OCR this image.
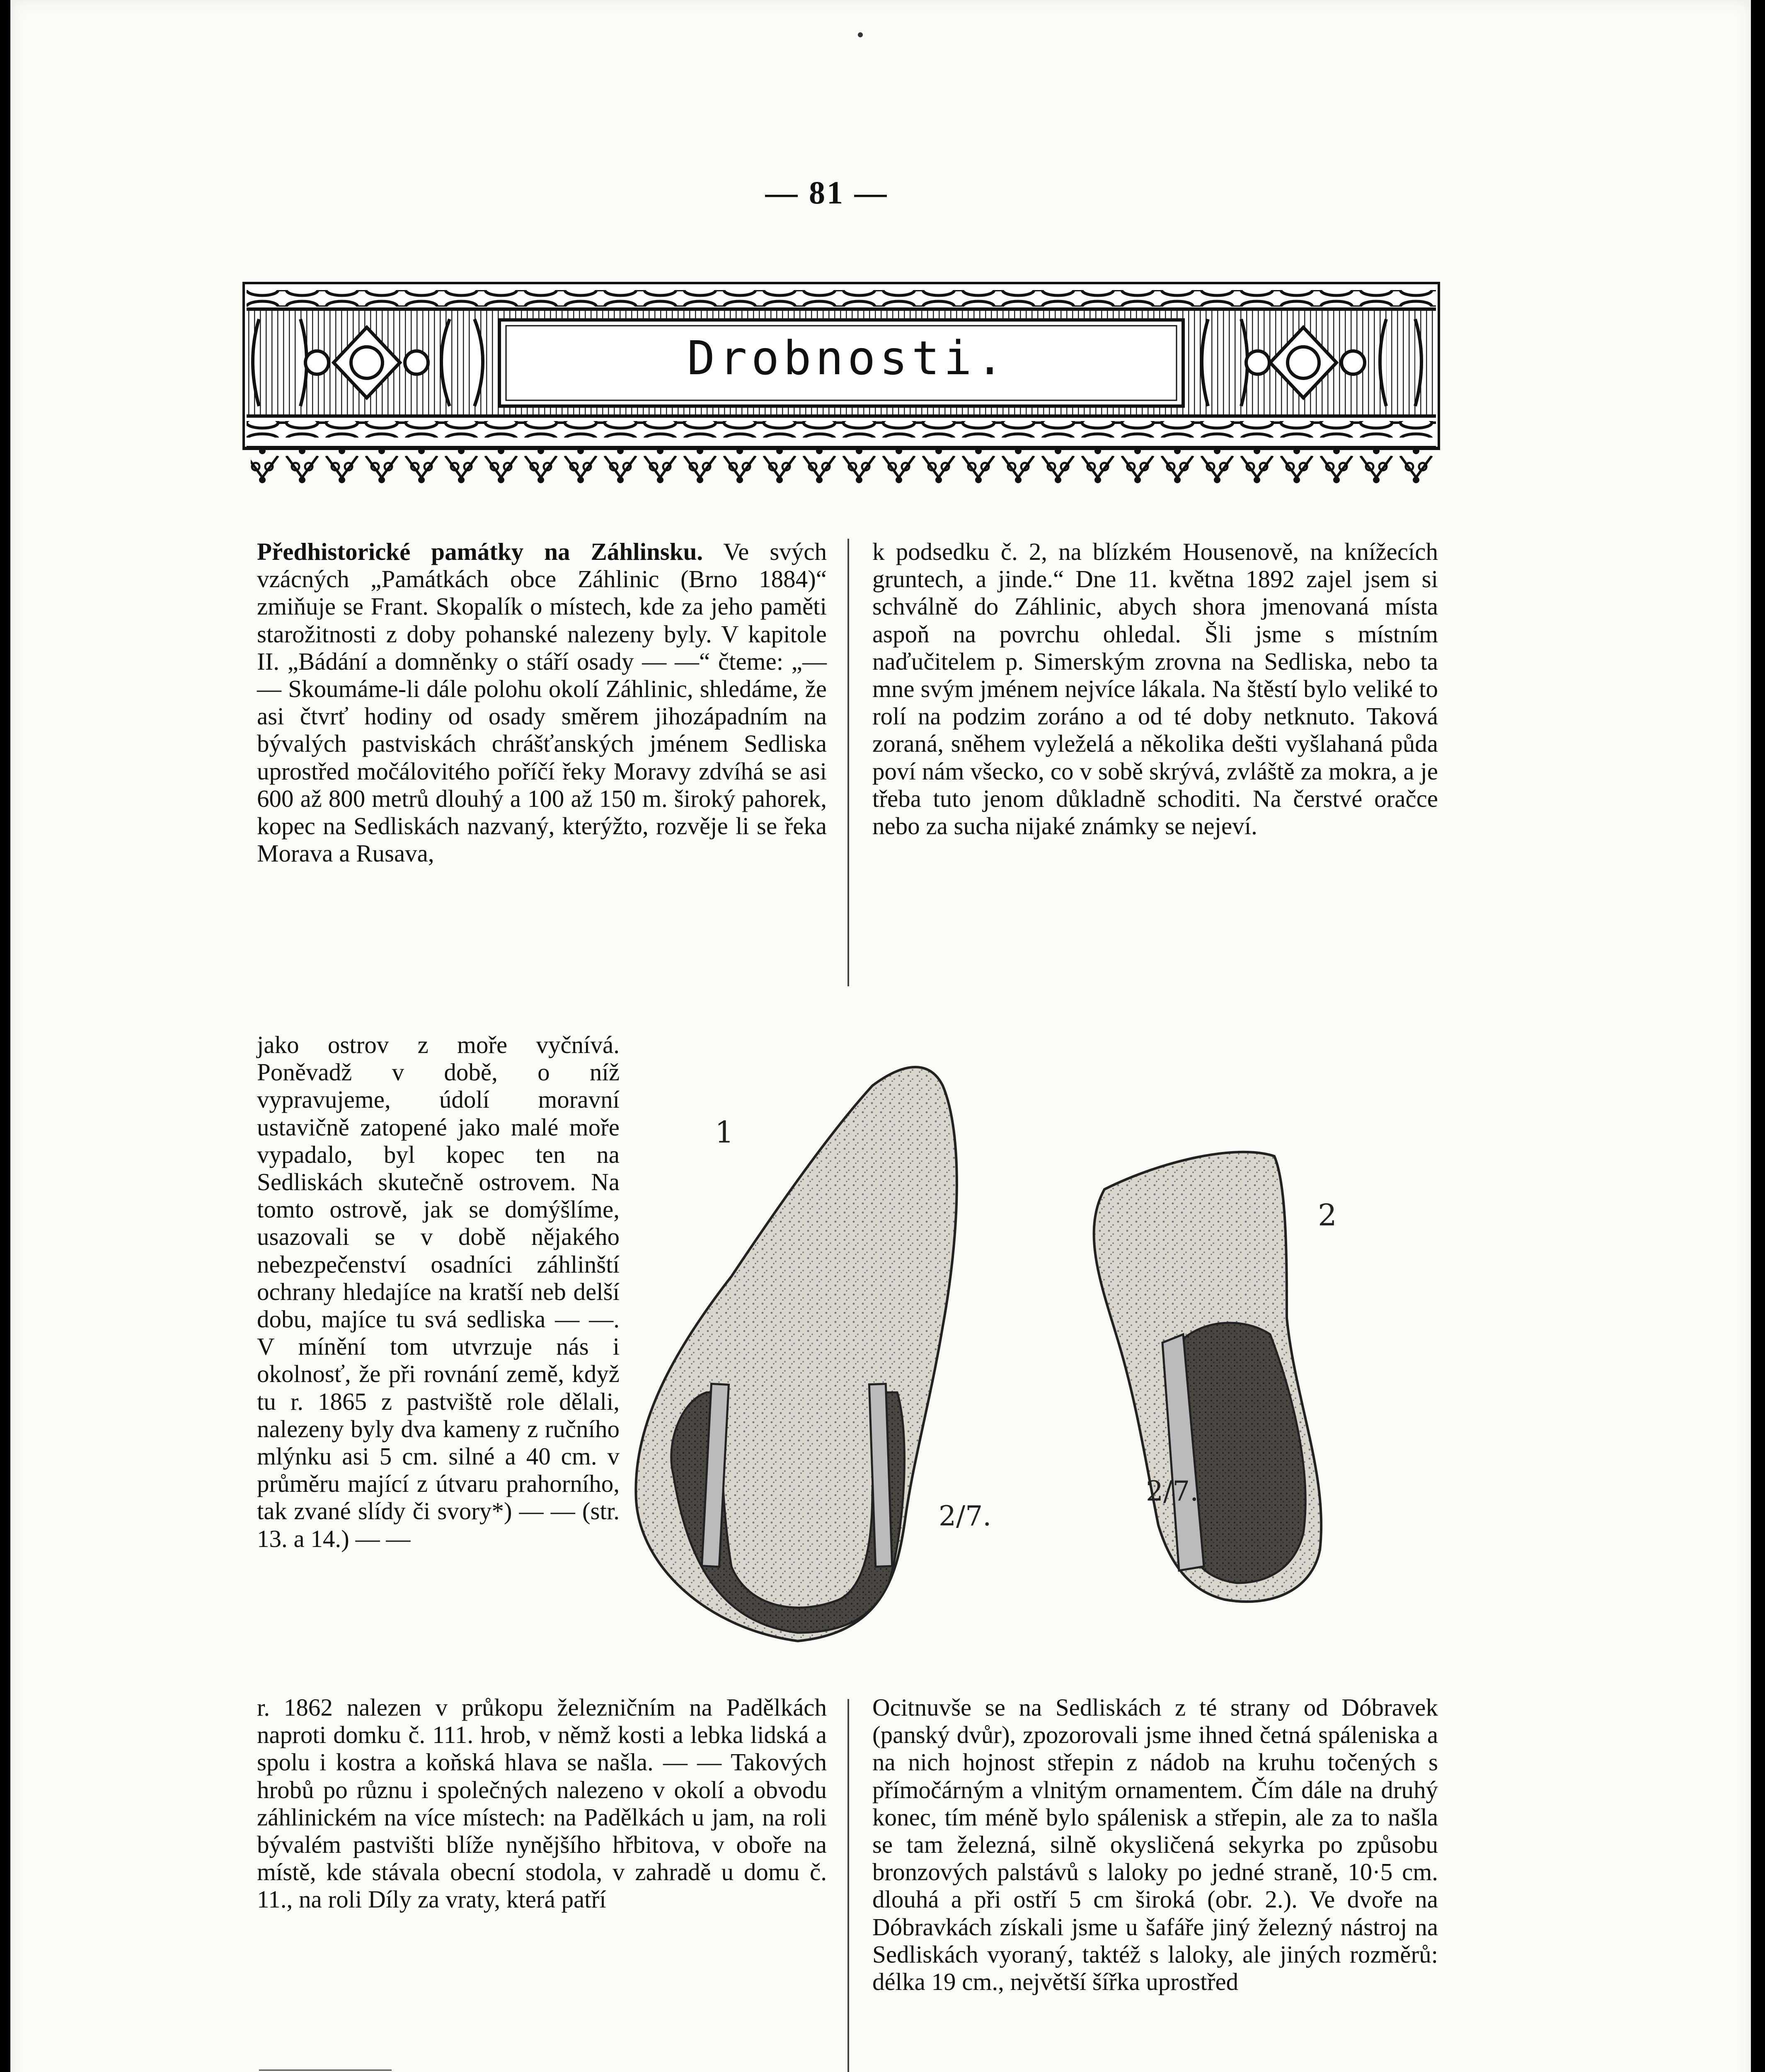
— 81 —
Drobnosti.

Předhistorické památky na Záhlinsku. Ve svých vzácných „Památkách obce Záhlinic (Brno 1884)“ zmiňuje se Frant. Skopalík o místech, kde za jeho paměti starožitnosti z doby pohanské nalezeny byly. V kapitole II. „Bádání a domněnky o stáří osady — —“ čteme: „— — Skoumáme-li dále polohu okolí Záhlinic, shledáme, že asi čtvrť hodiny od osady směrem jihozápadním na bývalých pastviskách chrášťanských jménem Sedliska uprostřed močálovitého poříčí řeky Moravy zdvíhá se asi 600 až 800 metrů dlouhý a 100 až 150 m. široký pahorek, kopec na Sedliskách nazvaný, kterýžto, rozvěje li se řeka Morava a Rusava,

k podsedku č. 2, na blízkém Housenově, na knížecích gruntech, a jinde.“ Dne 11. května 1892 zajel jsem si schválně do Záhlinic, abych shora jmenovaná místa aspoň na povrchu ohledal. Šli jsme s místním naďučitelem p. Simerským zrovna na Sedliska, nebo ta mne svým jménem nejvíce lákala. Na štěstí bylo veliké to rolí na podzim zoráno a od té doby netknuto. Taková zoraná, sněhem vyleželá a několika dešti vyšlahaná půda poví nám všecko, co v sobě skrývá, zvláště za mokra, a je třeba tuto jenom důkladně schoditi. Na čerstvé oračce nebo za sucha nijaké známky se nejeví.

jako ostrov z moře vyčnívá. Poněvadž v době, o níž vypravujeme, údolí moravní ustavičně zatopené jako malé moře vypadalo, byl kopec ten na Sedliskách skutečně ostrovem. Na tomto ostrově, jak se domýšlíme, usazovali se v době nějakého nebezpečenství osadníci záhlinští ochrany hledajíce na kratší neb delší dobu, majíce tu svá sedliska — —. V mínění tom utvrzuje nás i okolnosť, že při rovnání země, když tu r. 1865 z pastviště role dělali, nalezeny byly dva kameny z ručního mlýnku asi 5 cm. silné a 40 cm. v průměru mající z útvaru prahorního, tak zvané slídy či svory*) — — (str. 13. a 14.) — —

1
2
2/7.
2/7.

r. 1862 nalezen v průkopu železničním na Padělkách naproti domku č. 111. hrob, v němž kosti a lebka lidská a spolu i kostra a koňská hlava se našla. — — Takových hrobů po různu i společných nalezeno v okolí a obvodu záhlinickém na více místech: na Padělkách u jam, na roli bývalém pastvišti blíže nynějšího hřbitova, v oboře na místě, kde stávala obecní stodola, v zahradě u domu č. 11., na roli Díly za vraty, která patří

Ocitnuvše se na Sedliskách z té strany od Dóbravek (panský dvůr), zpozorovali jsme ihned četná spáleniska a na nich hojnost střepin z nádob na kruhu točených s přímočárným a vlnitým ornamentem. Čím dále na druhý konec, tím méně bylo spálenisk a střepin, ale za to našla se tam železná, silně okysličená sekyrka po způsobu bronzových palstávů s laloky po jedné straně, 10·5 cm. dlouhá a při ostří 5 cm široká (obr. 2.). Ve dvoře na Dóbravkách získali jsme u šafáře jiný železný nástroj na Sedliskách vyoraný, taktéž s laloky, ale jiných rozměrů: délka 19 cm., největší šířka uprostřed
